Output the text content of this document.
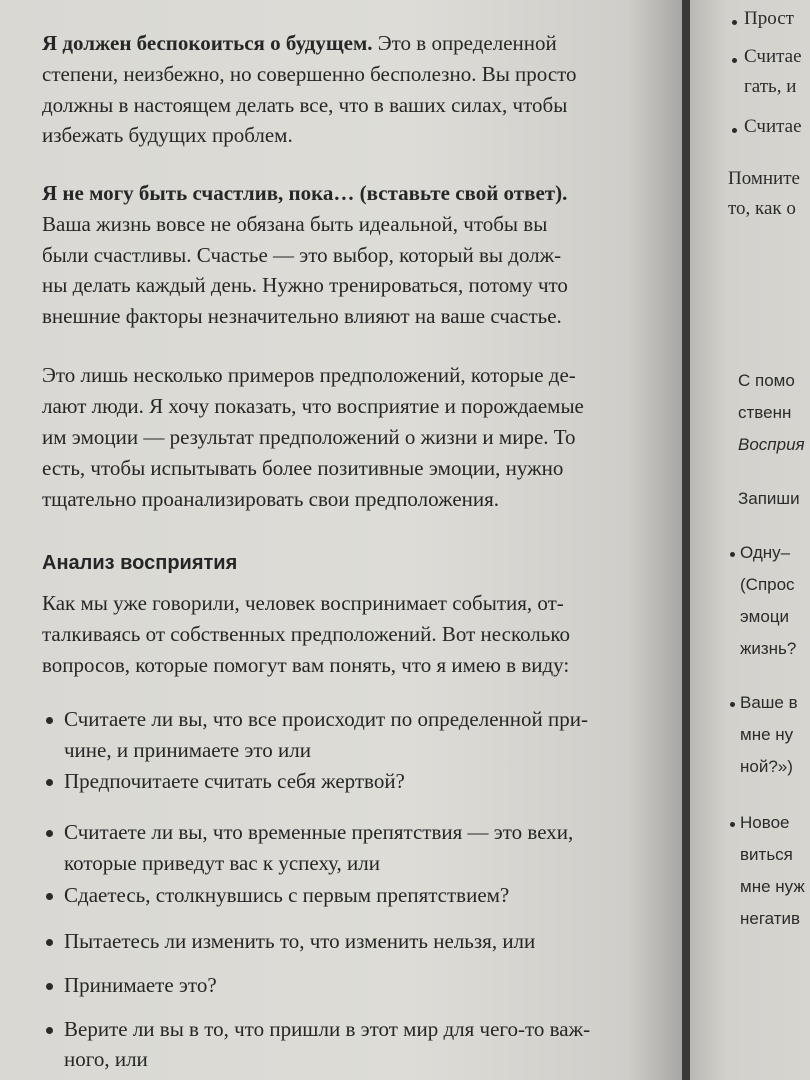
Я должен беспокоиться о будущем. Это в определенной
степени, неизбежно, но совершенно бесполезно. Вы просто
должны в настоящем делать все, что в ваших силах, чтобы
избежать будущих проблем.
Я не могу быть счастлив, пока… (вставьте свой ответ).
Ваша жизнь вовсе не обязана быть идеальной, чтобы вы
были счастливы. Счастье — это выбор, который вы долж-
ны делать каждый день. Нужно тренироваться, потому что
внешние факторы незначительно влияют на ваше счастье.
Это лишь несколько примеров предположений, которые де-
лают люди. Я хочу показать, что восприятие и порождаемые
им эмоции — результат предположений о жизни и мире. То
есть, чтобы испытывать более позитивные эмоции, нужно
тщательно проанализировать свои предположения.
Анализ восприятия
Как мы уже говорили, человек воспринимает события, от-
талкиваясь от собственных предположений. Вот несколько
вопросов, которые помогут вам понять, что я имею в виду:
Считаете ли вы, что все происходит по определенной при-
чине, и принимаете это или
Предпочитаете считать себя жертвой?
Считаете ли вы, что временные препятствия — это вехи,
которые приведут вас к успеху, или
Сдаетесь, столкнувшись с первым препятствием?
Пытаетесь ли изменить то, что изменить нельзя, или
Принимаете это?
Верите ли вы в то, что пришли в этот мир для чего-то важ-
ного, или
Прост
Считае
гать, и
Считае
Помните
то, как о
С помо
ственн
Восприя
Запиши
Одну–
(Спрос
эмоци
жизнь?
Ваше в
мне ну
ной?»)
Новое
виться
мне нуж
негатив
